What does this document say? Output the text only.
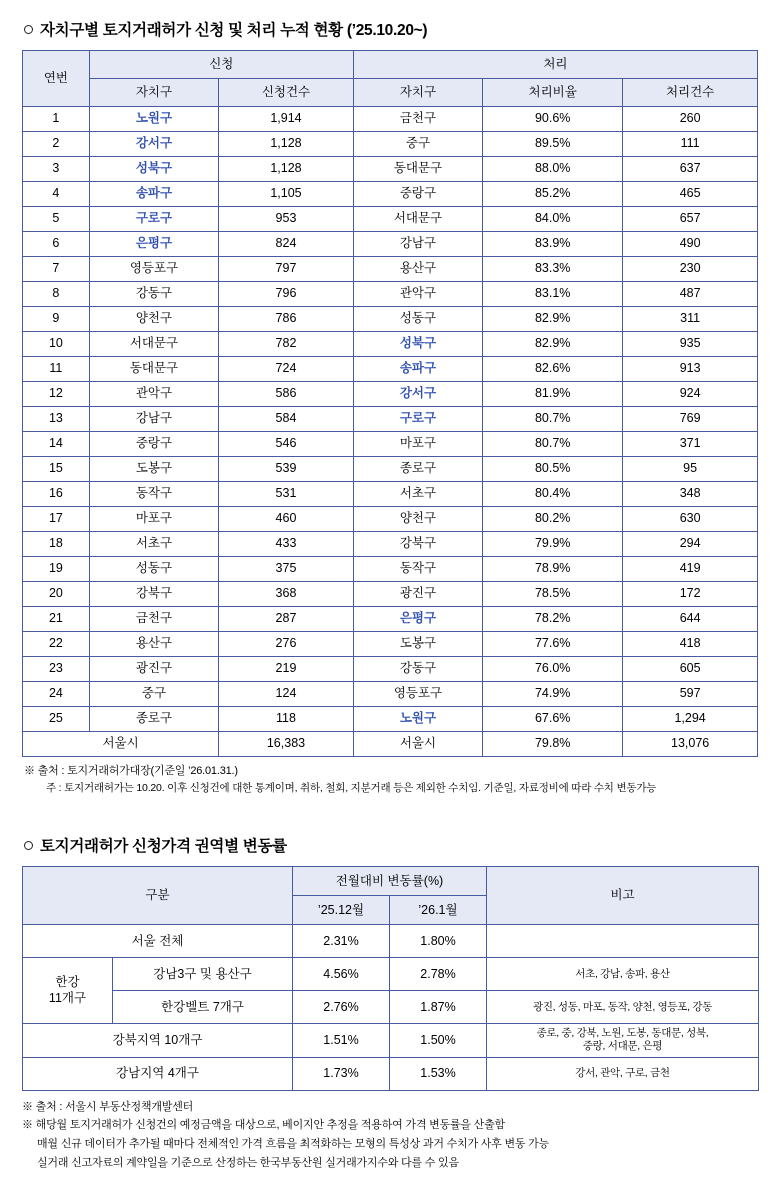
자치구별 토지거래허가 신청 및 처리 누적 현황 (’25.10.20~)
연번	신청		처리		
	자치구	신청건수	자치구	처리비율	처리건수
1	노원구	1,914	금천구	90.6%	260
2	강서구	1,128	중구	89.5%	111
3	성북구	1,128	동대문구	88.0%	637
4	송파구	1,105	중랑구	85.2%	465
5	구로구	953	서대문구	84.0%	657
6	은평구	824	강남구	83.9%	490
7	영등포구	797	용산구	83.3%	230
8	강동구	796	관악구	83.1%	487
9	양천구	786	성동구	82.9%	311
10	서대문구	782	성북구	82.9%	935
11	동대문구	724	송파구	82.6%	913
12	관악구	586	강서구	81.9%	924
13	강남구	584	구로구	80.7%	769
14	중랑구	546	마포구	80.7%	371
15	도봉구	539	종로구	80.5%	95
16	동작구	531	서초구	80.4%	348
17	마포구	460	양천구	80.2%	630
18	서초구	433	강북구	79.9%	294
19	성동구	375	동작구	78.9%	419
20	강북구	368	광진구	78.5%	172
21	금천구	287	은평구	78.2%	644
22	용산구	276	도봉구	77.6%	418
23	광진구	219	강동구	76.0%	605
24	중구	124	영등포구	74.9%	597
25	종로구	118	노원구	67.6%	1,294
서울시		16,383	서울시	79.8%	13,076
※ 출처 : 토지거래허가대장(기준일 ’26.01.31.)
주 : 토지거래허가는 10.20. 이후 신청건에 대한 통계이며, 취하, 철회, 지분거래 등은 제외한 수치임. 기준일, 자료정비에 따라 수치 변동가능
토지거래허가 신청가격 권역별 변동률
구분		전월대비 변동률(%)		비고
		’25.12월	’26.1월	
서울 전체		2.31%	1.80%	

한강
11개구	강남3구 및 용산구	4.56%	2.78%	서초, 강남, 송파, 용산
	한강벨트 7개구	2.76%	1.87%	광진, 성동, 마포, 동작, 양천, 영등포, 강동
강북지역 10개구		1.51%	1.50%	종로, 중, 강북, 노원, 도봉, 동대문, 성북,
중랑, 서대문, 은평

강남지역 4개구		1.73%	1.53%	강서, 관악, 구로, 금천
※ 출처 : 서울시 부동산정책개발센터
※ 해당월 토지거래허가 신청건의 예정금액을 대상으로, 베이지안 추정을 적용하여 가격 변동률을 산출함
매월 신규 데이터가 추가될 때마다 전체적인 가격 흐름을 최적화하는 모형의 특성상 과거 수치가 사후 변동 가능
실거래 신고자료의 계약일을 기준으로 산정하는 한국부동산원 실거래가지수와 다를 수 있음
